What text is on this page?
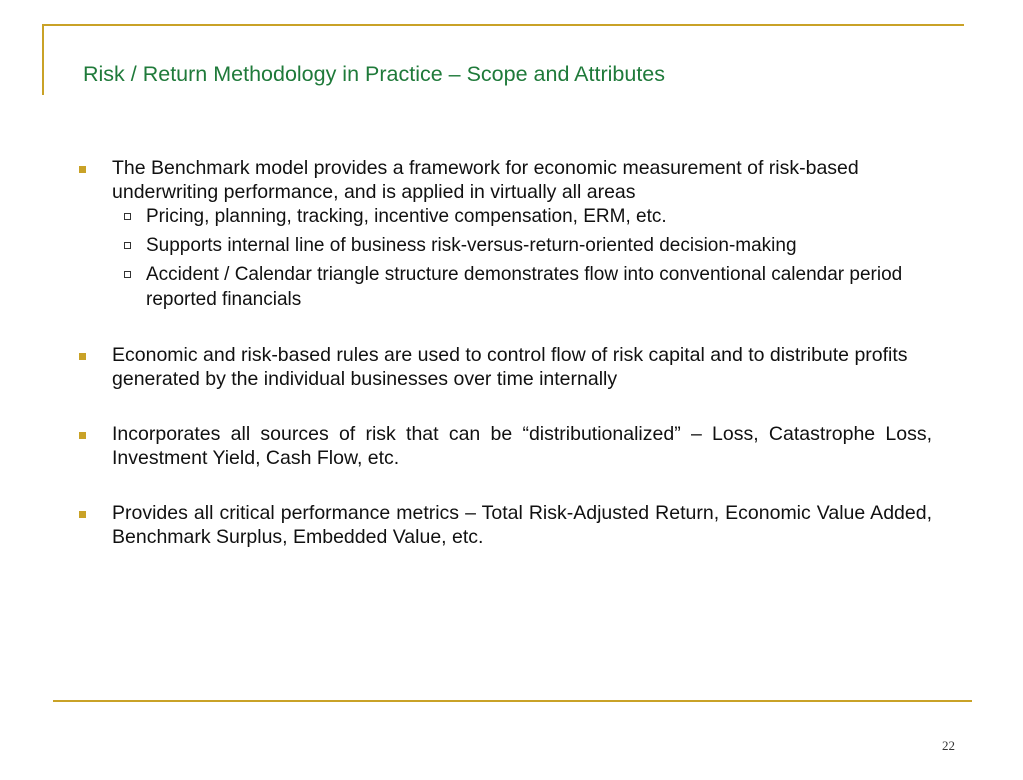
Risk / Return Methodology in Practice – Scope and Attributes
The Benchmark model provides a framework for economic measurement of risk-based underwriting performance, and is applied in virtually all areas
Pricing, planning, tracking, incentive compensation, ERM, etc.
Supports internal line of business risk-versus-return-oriented decision-making
Accident / Calendar triangle structure demonstrates flow into conventional calendar period reported financials
Economic and risk-based rules are used to control flow of risk capital and to distribute profits generated by the individual businesses over time internally
Incorporates all sources of risk that can be “distributionalized” – Loss, Catastrophe Loss, Investment Yield, Cash Flow, etc.
Provides all critical performance metrics – Total Risk-Adjusted Return, Economic Value Added, Benchmark Surplus, Embedded Value, etc.
22
